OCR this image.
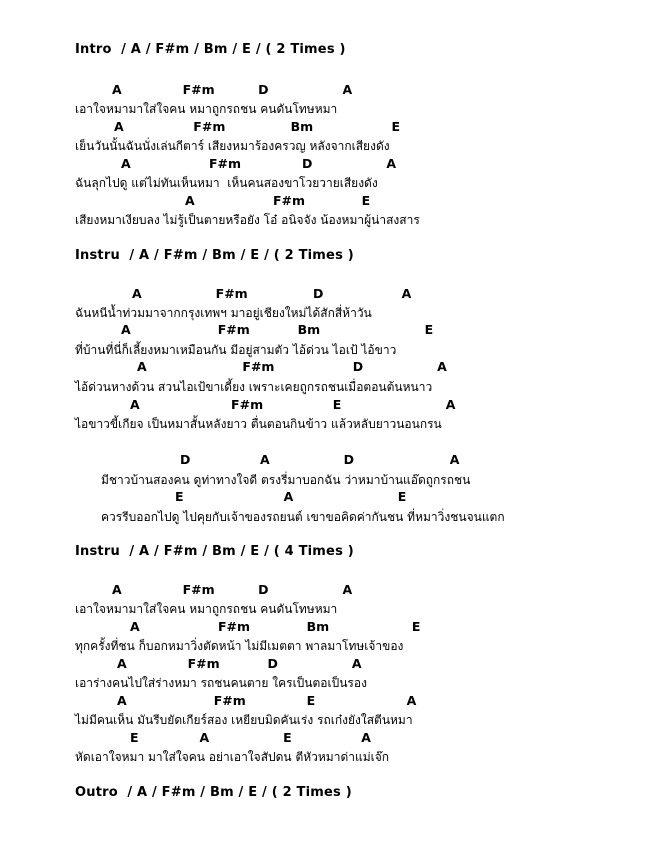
Intro  / A / F#m / Bm / E / ( 2 Times )
A              F#m          D                 A
เอาใจหมามาใส่ใจคน หมาถูกรถชน คนดันโทษหมา
A                F#m               Bm                  E
เย็นวันนั้นฉันนั่งเล่นกีตาร์ เสียงหมาร้องครวญ หลังจากเสียงดัง
A                  F#m              D                 A
ฉันลุกไปดู แต่ไม่ทันเห็นหมา  เห็นคนสองขาโวยวายเสียงดัง
A                  F#m             E
เสียงหมาเงียบลง ไม่รู้เป็นตายหรือยัง โอ๋ อนิจจัง น้องหมาผู้น่าสงสาร
Instru  / A / F#m / Bm / E / ( 2 Times )
A                 F#m               D                  A
ฉันหนีน้ำท่วมมาจากกรุงเทพฯ มาอยู่เชียงใหม่ได้สักสี่ห้าวัน
A                    F#m           Bm                        E
ที่บ้านที่นี่ก็เลี้ยงหมาเหมือนกัน มีอยู่สามตัว ไอ้ด่วน ไอเป้ ไอ้ขาว
A                      F#m                  D                 A
ไอ้ด่วนหางด้วน สวนไอเป้ขาเดี้ยง เพราะเคยถูกรถชนเมื่อตอนต้นหนาว
A                     F#m                E                        A
ไอขาวขี้เกียจ เป็นหมาสั้นหลังยาว ตื่นตอนกินข้าว แล้วหลับยาวนอนกรน
D                A                 D                      A
มีชาวบ้านสองคน ดูท่าทางใจดี ตรงรี่มาบอกฉัน ว่าหมาบ้านแอ๊ดถูกรถชน
E                       A                        E
ควรรีบออกไปดู ไปคุยกับเจ้าของรถยนต์ เขาขอคิดค่ากันชน ที่หมาวิ่งชนจนแตก
Instru  / A / F#m / Bm / E / ( 4 Times )
A              F#m          D                 A
เอาใจหมามาใส่ใจคน หมาถูกรถชน คนดันโทษหมา
A                  F#m             Bm                   E
ทุกครั้งที่ชน ก็บอกหมาวิ่งตัดหน้า ไม่มีเมตตา พาลมาโทษเจ้าของ
A              F#m           D                 A
เอาร่างคนไปใส่ร่างหมา รถชนคนตาย ใครเป็นตอเป็นรอง
A                    F#m              E                     A
ไม่มีคนเห็น มันรีบยัดเกียร์สอง เหยียบมิดคันเร่ง รถเก๋งยังใสตีนหมา
E              A                 E                A
หัดเอาใจหมา มาใส่ใจคน อย่าเอาใจสัปดน ตีหัวหมาด่าแม่เจ๊ก
Outro  / A / F#m / Bm / E / ( 2 Times )
